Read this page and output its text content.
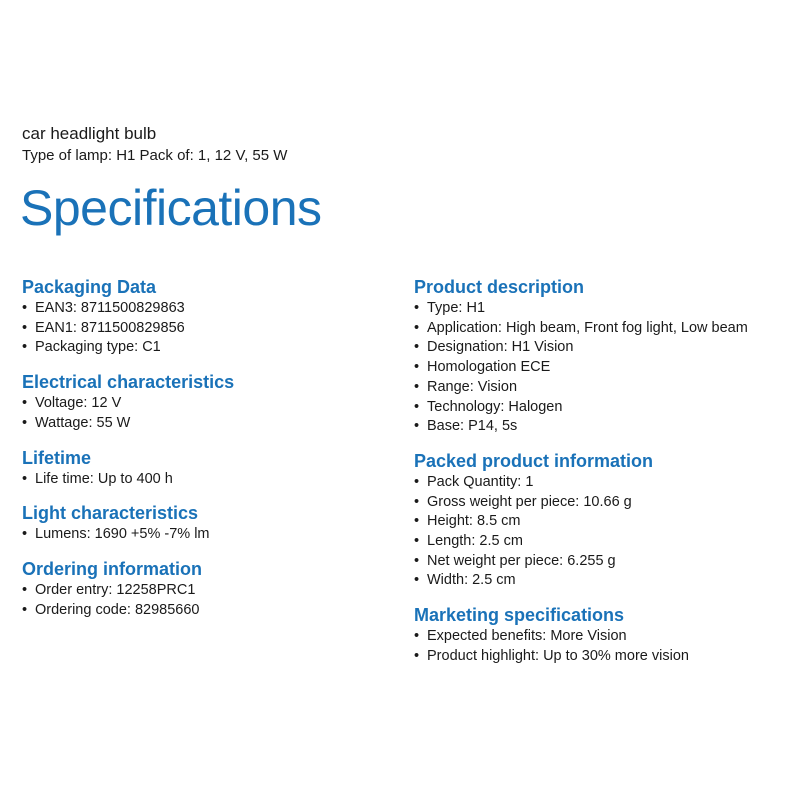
car headlight bulb
Type of lamp: H1 Pack of: 1, 12 V, 55 W
Specifications
Packaging Data
• EAN3: 8711500829863
• EAN1: 8711500829856
• Packaging type: C1
Electrical characteristics
• Voltage: 12 V
• Wattage: 55 W
Lifetime
• Life time: Up to 400 h
Light characteristics
• Lumens: 1690 +5% -7% lm
Ordering information
• Order entry: 12258PRC1
• Ordering code: 82985660
Product description
• Type: H1
• Application: High beam, Front fog light, Low beam
• Designation: H1 Vision
• Homologation ECE
• Range: Vision
• Technology: Halogen
• Base: P14, 5s
Packed product information
• Pack Quantity: 1
• Gross weight per piece: 10.66 g
• Height: 8.5 cm
• Length: 2.5 cm
• Net weight per piece: 6.255 g
• Width: 2.5 cm
Marketing specifications
• Expected benefits: More Vision
• Product highlight: Up to 30% more vision
